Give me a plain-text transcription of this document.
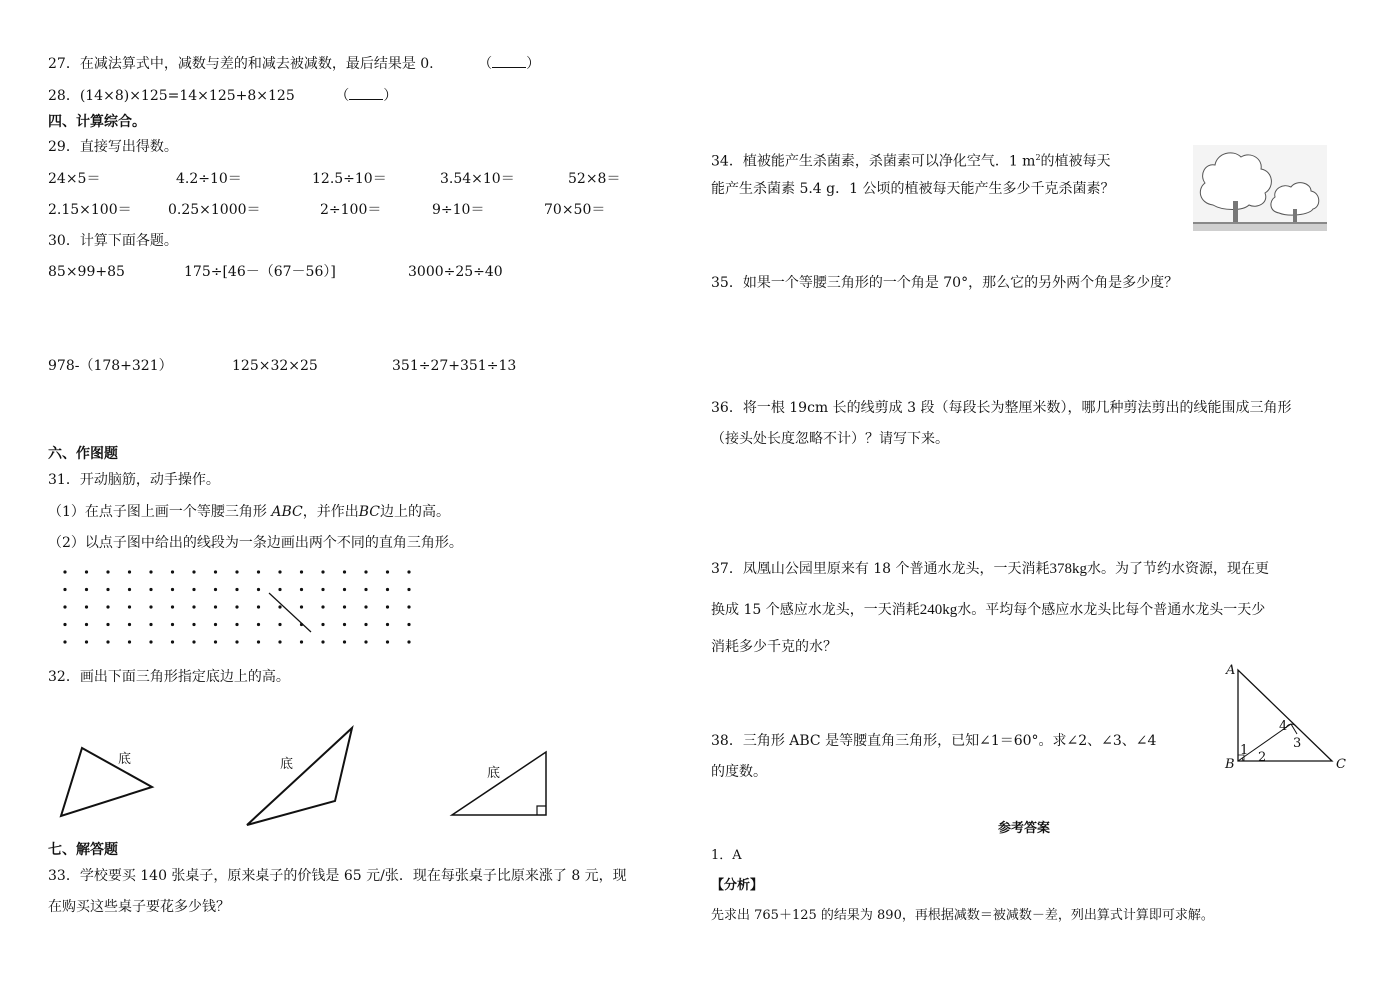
27．在减法算式中，减数与差的和减去被减数，最后结果是 0.	（ ）
28．(14×8)×125=14×125+8×125	（ ）
四、计算综合。
29．直接写出得数。
24×5＝	4.2÷10＝	12.5÷10＝	3.54×10＝	52×8＝
2.15×100＝	0.25×1000＝	2÷100＝	9÷10＝	70×50＝
30．计算下面各题。
85×99+85	175÷[46－（67－56）]	3000÷25÷40
978-（178+321）	125×32×25	351÷27+351÷13
六、作图题
31．开动脑筋，动手操作。
（1）在点子图上画一个等腰三角形 ABC，并作出BC边上的高。
（2）以点子图中给出的线段为一条边画出两个不同的直角三角形。
32．画出下面三角形指定底边上的高。
底	底
底
七、解答题
33．学校要买 140 张桌子，原来桌子的价钱是 65 元/张．现在每张桌子比原来涨了 8 元，现
在购买这些桌子要花多少钱？
34．植被能产生杀菌素，杀菌素可以净化空气．1 $m^2$的植被每天
能产生杀菌素 5.4 g．1 公顷的植被每天能产生多少千克杀菌素？
35．如果一个等腰三角形的一个角是 70°，那么它的另外两个角是多少度？
36．将一根 19cm 长的线剪成 3 段（每段长为整厘米数），哪几种剪法剪出的线能围成三角形
（接头处长度忽略不计）？请写下来。
37．凤凰山公园里原来有 18 个普通水龙头，一天消耗378kg水。为了节约水资源，现在更
换成 15 个感应水龙头，一天消耗240kg水。平均每个感应水龙头比每个普通水龙头一天少
消耗多少千克的水？
38．三角形 ABC 是等腰直角三角形，已知∠1＝60°。求∠2、∠3、∠4
的度数。
A
B	C
1 2
3
4
参考答案
1．A
【分析】
先求出 765＋125 的结果为 890，再根据减数＝被减数－差，列出算式计算即可求解。
